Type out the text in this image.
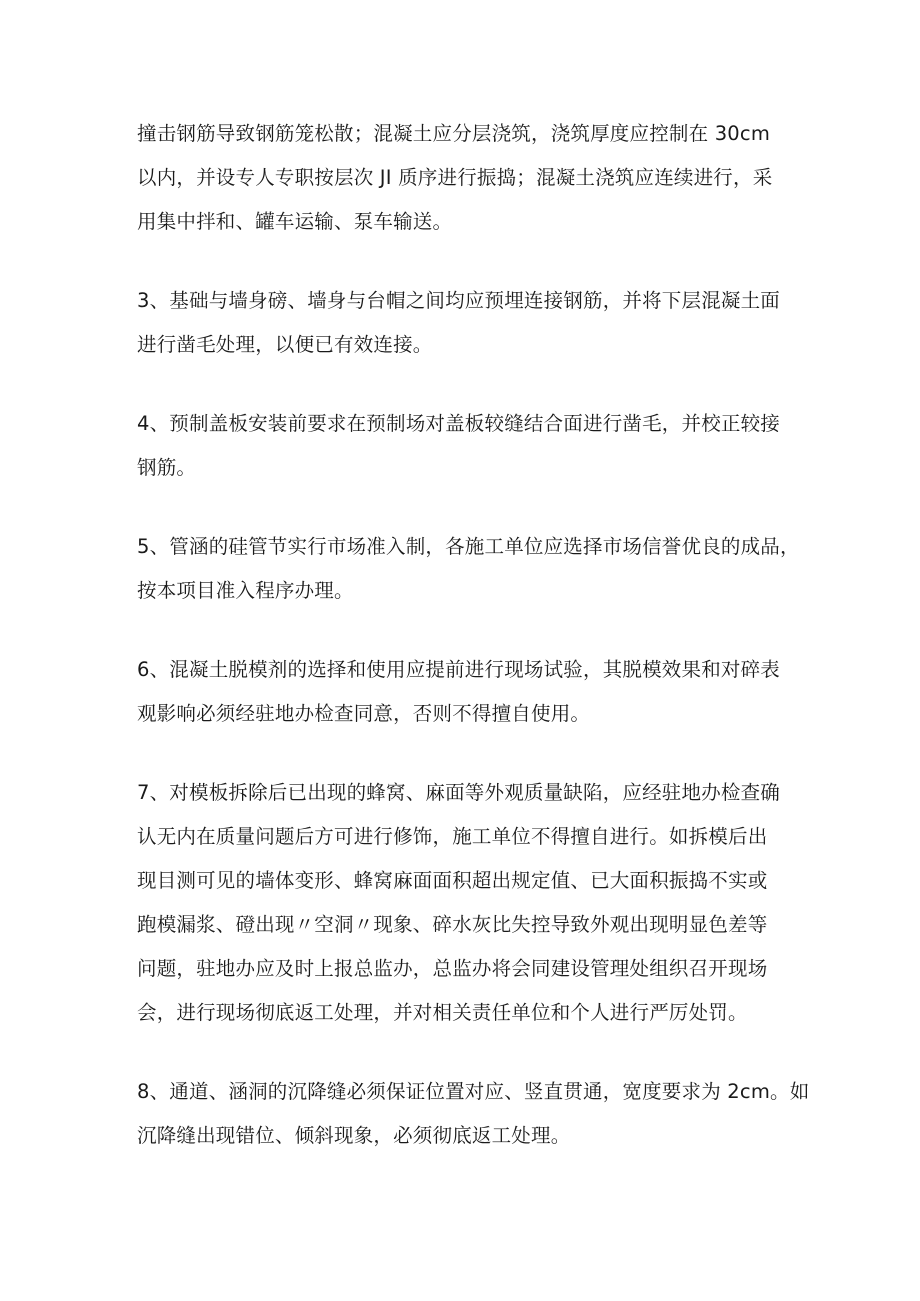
撞击钢筋导致钢筋笼松散；混凝土应分层浇筑，浇筑厚度应控制在 30cm
以内，并设专人专职按层次 JI 质序进行振捣；混凝土浇筑应连续进行，采
用集中拌和、罐车运输、泵车输送。
3、基础与墙身磅、墙身与台帽之间均应预埋连接钢筋，并将下层混凝土面
进行凿毛处理，以便已有效连接。
4、预制盖板安装前要求在预制场对盖板较缝结合面进行凿毛，并校正较接
钢筋。
5、管涵的硅管节实行市场准入制，各施工单位应选择市场信誉优良的成品，
按本项目准入程序办理。
6、混凝土脱模剂的选择和使用应提前进行现场试验，其脱模效果和对碎表
观影响必须经驻地办检查同意，否则不得擅自使用。
7、对模板拆除后已出现的蜂窝、麻面等外观质量缺陷，应经驻地办检查确
认无内在质量问题后方可进行修饰，施工单位不得擅自进行。如拆模后出
现目测可见的墙体变形、蜂窝麻面面积超出规定值、已大面积振捣不实或
跑模漏浆、磴出现〃空洞〃现象、碎水灰比失控导致外观出现明显色差等
问题，驻地办应及时上报总监办，总监办将会同建设管理处组织召开现场
会，进行现场彻底返工处理，并对相关责任单位和个人进行严厉处罚。
8、通道、涵洞的沉降缝必须保证位置对应、竖直贯通，宽度要求为 2cm。如
沉降缝出现错位、倾斜现象，必须彻底返工处理。
